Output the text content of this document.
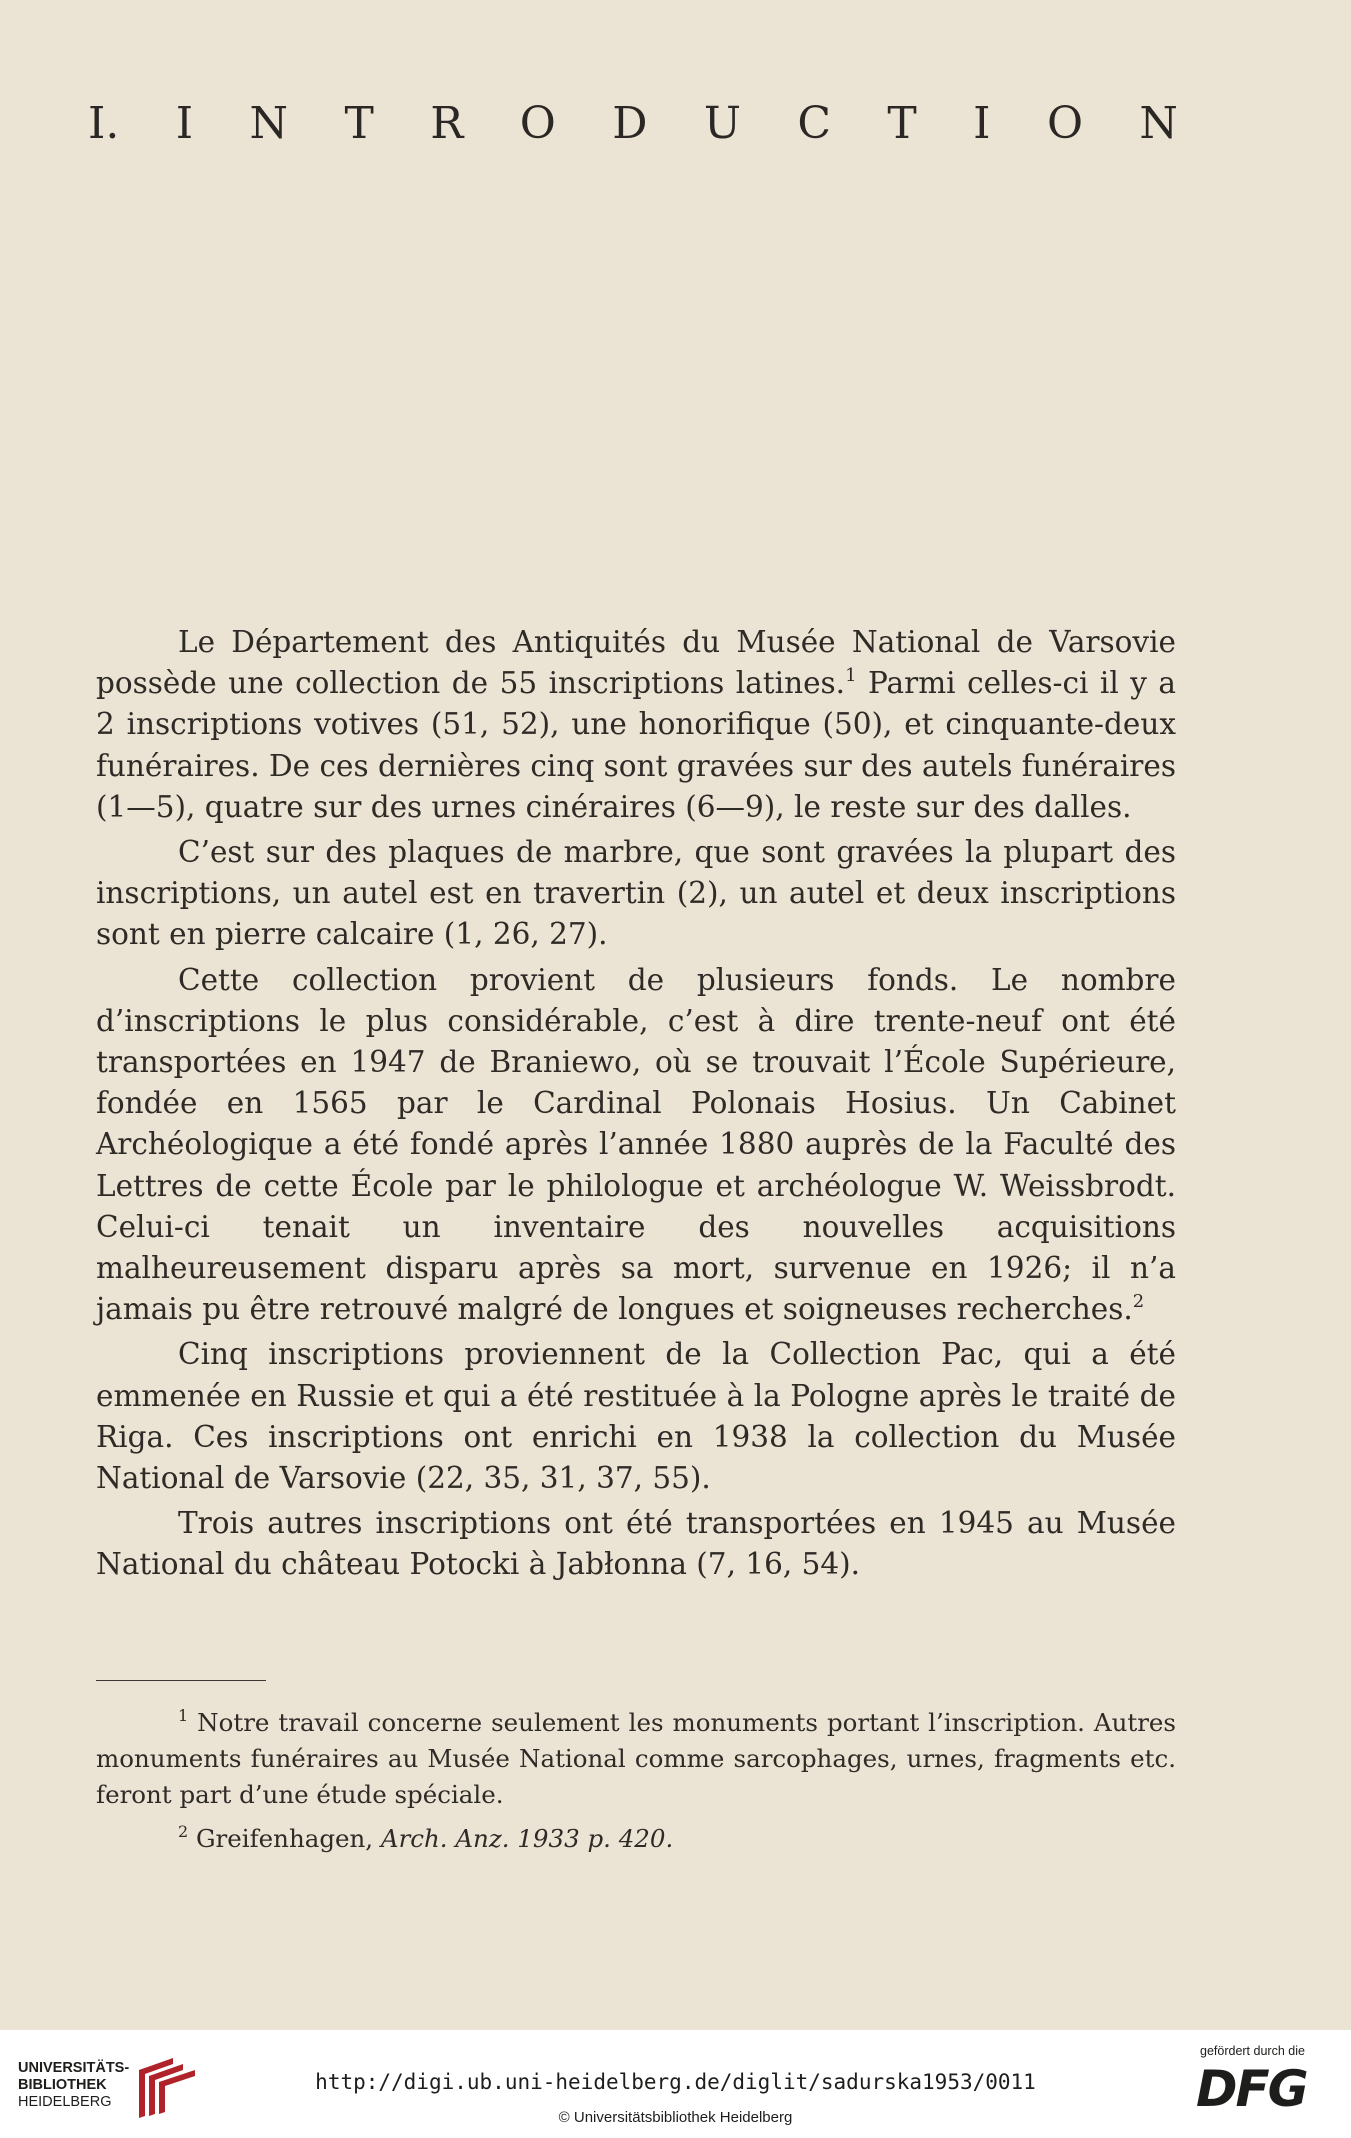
I. I N T R O D U C T I O N

Le Département des Antiquités du Musée National de Varsovie possède une collection de 55 inscriptions latines.$^1$ Parmi celles-ci il y a 2 inscriptions votives (51, 52), une honorifique (50), et cinquante-deux funéraires. De ces dernières cinq sont gravées sur des autels funéraires (1—5), quatre sur des urnes cinéraires (6—9), le reste sur des dalles.

C’est sur des plaques de marbre, que sont gravées la plupart des inscriptions, un autel est en travertin (2), un autel et deux inscriptions sont en pierre calcaire (1, 26, 27).

Cette collection provient de plusieurs fonds. Le nombre d’inscriptions le plus considérable, c’est à dire trente-neuf ont été transportées en 1947 de Braniewo, où se trouvait l’École Supérieure, fondée en 1565 par le Cardinal Polonais Hosius. Un Cabinet Archéologique a été fondé après l’année 1880 auprès de la Faculté des Lettres de cette École par le philologue et archéologue W. Weissbrodt. Celui-ci tenait un inventaire des nouvelles acquisitions malheureusement disparu après sa mort, survenue en 1926; il n’a jamais pu être retrouvé malgré de longues et soigneuses recherches.$^2$

Cinq inscriptions proviennent de la Collection Pac, qui a été emmenée en Russie et qui a été restituée à la Pologne après le traité de Riga. Ces inscriptions ont enrichi en 1938 la collection du Musée National de Varsovie (22, 35, 31, 37, 55).

Trois autres inscriptions ont été transportées en 1945 au Musée National du château Potocki à Jabłonna (7, 16, 54).

$^1$ Notre travail concerne seulement les monuments portant l’inscription. Autres monuments funéraires au Musée National comme sarcophages, urnes, fragments etc. feront part d’une étude spéciale.

$^2$ Greifenhagen, Arch. Anz. 1933 p. 420.

UNIVERSITÄTS-
BIBLIOTHEK
HEIDELBERG
http://digi.ub.uni-heidelberg.de/diglit/sadurska1953/0011
© Universitätsbibliothek Heidelberg
gefördert durch die
DFG
